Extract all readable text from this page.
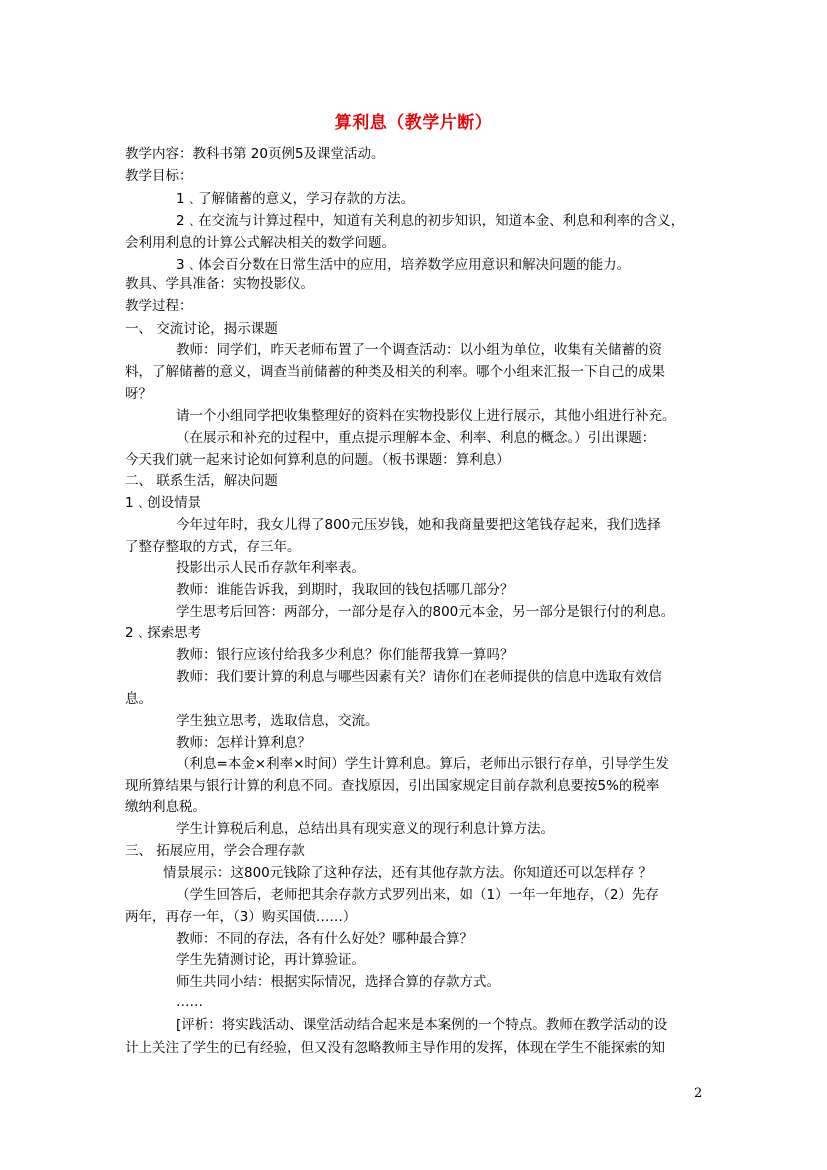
算利息（教学片断）
教学内容：教科书第 20页例5及课堂活动。
教学目标：
1﹑了解储蓄的意义，学习存款的方法。
2﹑在交流与计算过程中，知道有关利息的初步知识，知道本金、利息和利率的含义，
会利用利息的计算公式解决相关的数学问题。
3﹑体会百分数在日常生活中的应用，培养数学应用意识和解决问题的能力。
教具、学具准备：实物投影仪。
教学过程：
一、 交流讨论，揭示课题
教师：同学们，昨天老师布置了一个调查活动：以小组为单位，收集有关储蓄的资
料，了解储蓄的意义，调查当前储蓄的种类及相关的利率。哪个小组来汇报一下自己的成果
呀？
请一个小组同学把收集整理好的资料在实物投影仪上进行展示，其他小组进行补充。
（在展示和补充的过程中，重点提示理解本金、利率、利息的概念。）引出课题：
今天我们就一起来讨论如何算利息的问题。（板书课题：算利息）
二、 联系生活，解决问题
1﹑创设情景
今年过年时，我女儿得了800元压岁钱，她和我商量要把这笔钱存起来，我们选择
了整存整取的方式，存三年。
投影出示人民币存款年利率表。
教师：谁能告诉我，到期时，我取回的钱包括哪几部分？
学生思考后回答：两部分，一部分是存入的800元本金，另一部分是银行付的利息。
2﹑探索思考
教师：银行应该付给我多少利息？你们能帮我算一算吗？
教师：我们要计算的利息与哪些因素有关？请你们在老师提供的信息中选取有效信
息。
学生独立思考，选取信息，交流。
教师：怎样计算利息？
（利息=本金×利率×时间）学生计算利息。算后，老师出示银行存单，引导学生发
现所算结果与银行计算的利息不同。查找原因，引出国家规定目前存款利息要按5%的税率
缴纳利息税。
学生计算税后利息，总结出具有现实意义的现行利息计算方法。
三、 拓展应用，学会合理存款
情景展示：这800元钱除了这种存法，还有其他存款方法。你知道还可以怎样存 ？
（学生回答后，老师把其余存款方式罗列出来，如（1）一年一年地存，（2）先存
两年，再存一年，（3）购买国债……）
教师：不同的存法，各有什么好处？哪种最合算？
学生先猜测讨论，再计算验证。
师生共同小结：根据实际情况，选择合算的存款方式。
……
[评析：将实践活动、课堂活动结合起来是本案例的一个特点。教师在教学活动的设
计上关注了学生的已有经验，但又没有忽略教师主导作用的发挥，体现在学生不能探索的知
2
